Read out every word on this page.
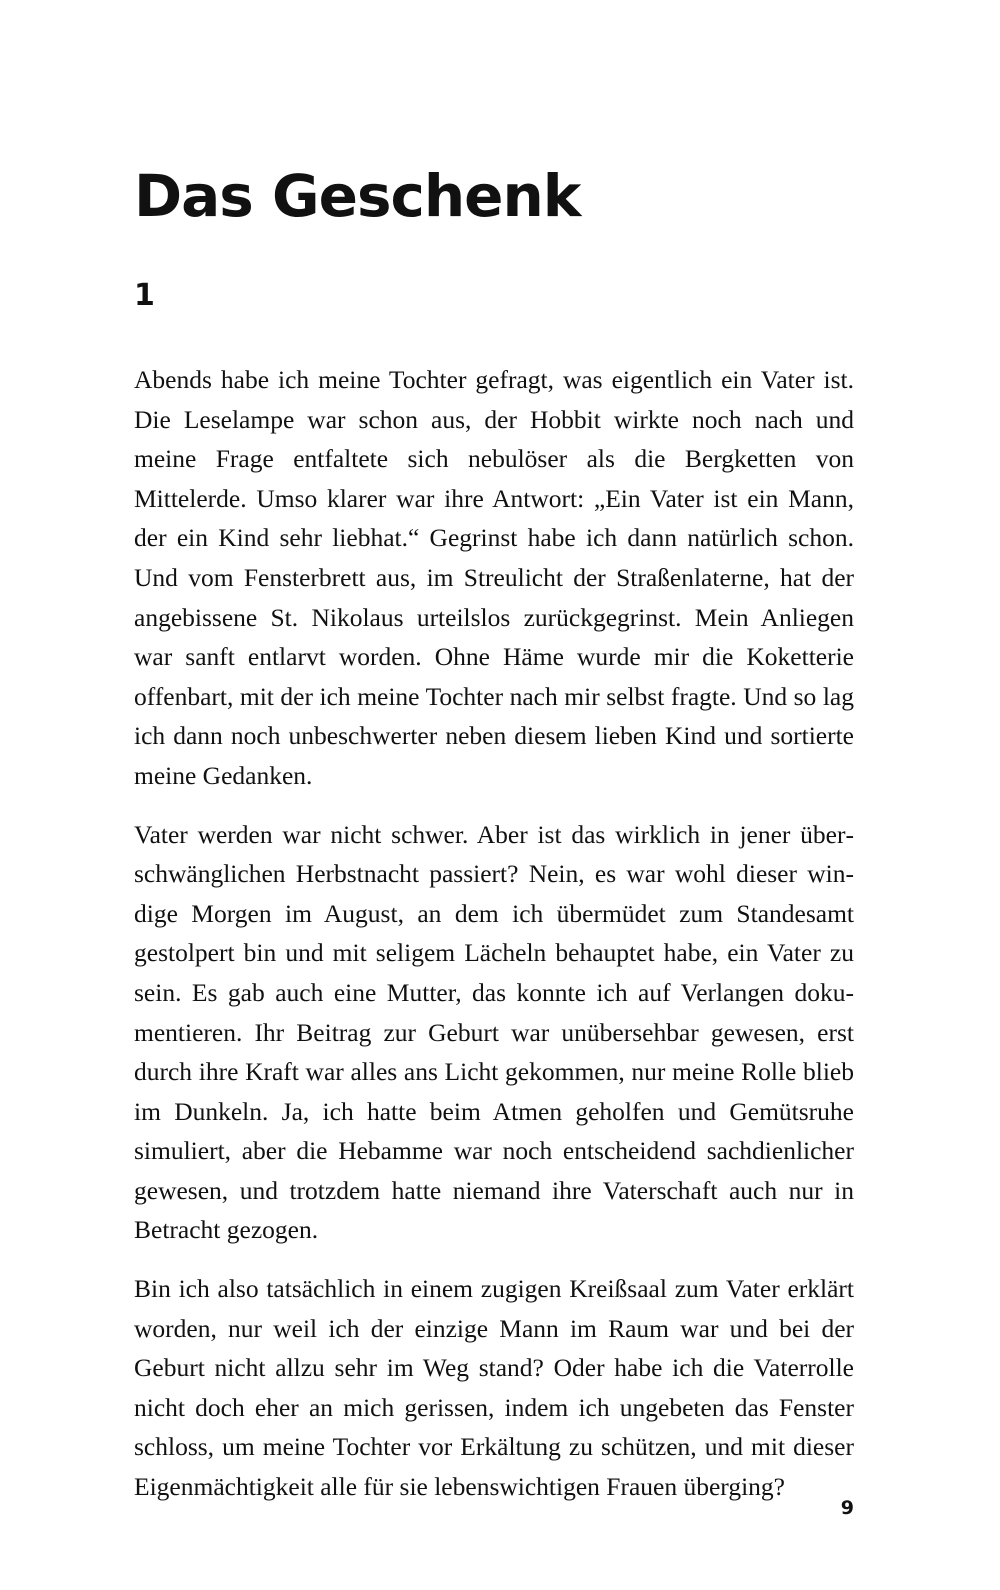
Das Geschenk
1

Abends habe ich meine Tochter gefragt, was eigentlich ein Vater ist. Die Leselampe war schon aus, der Hobbit wirkte noch nach und meine Frage entfaltete sich nebulöser als die Bergketten von Mittelerde. Umso klarer war ihre Antwort: „Ein Vater ist ein Mann, der ein Kind sehr liebhat.“ Gegrinst habe ich dann natürlich schon. Und vom Fensterbrett aus, im Streulicht der Straßenlaterne, hat der angebissene St. Nikolaus urteilslos zurückgegrinst. Mein Anliegen war sanft entlarvt worden. Ohne Häme wurde mir die Koketterie offenbart, mit der ich meine Tochter nach mir selbst fragte. Und so lag ich dann noch unbeschwerter neben diesem lieben Kind und sortierte meine Gedanken.

Vater werden war nicht schwer. Aber ist das wirklich in jener überschwänglichen Herbstnacht passiert? Nein, es war wohl dieser windige Morgen im August, an dem ich übermüdet zum Standesamt gestolpert bin und mit seligem Lächeln behauptet habe, ein Vater zu sein. Es gab auch eine Mutter, das konnte ich auf Verlangen dokumentieren. Ihr Beitrag zur Geburt war unübersehbar gewesen, erst durch ihre Kraft war alles ans Licht gekommen, nur meine Rolle blieb im Dunkeln. Ja, ich hatte beim Atmen geholfen und Gemütsruhe simuliert, aber die Hebamme war noch entscheidend sachdienlicher gewesen, und trotzdem hatte niemand ihre Vaterschaft auch nur in Betracht gezogen.

Bin ich also tatsächlich in einem zugigen Kreißsaal zum Vater erklärt worden, nur weil ich der einzige Mann im Raum war und bei der Geburt nicht allzu sehr im Weg stand? Oder habe ich die Vaterrolle nicht doch eher an mich gerissen, indem ich ungebeten das Fenster schloss, um meine Tochter vor Erkältung zu schützen, und mit dieser Eigenmächtigkeit alle für sie lebenswichtigen Frauen überging?

9
